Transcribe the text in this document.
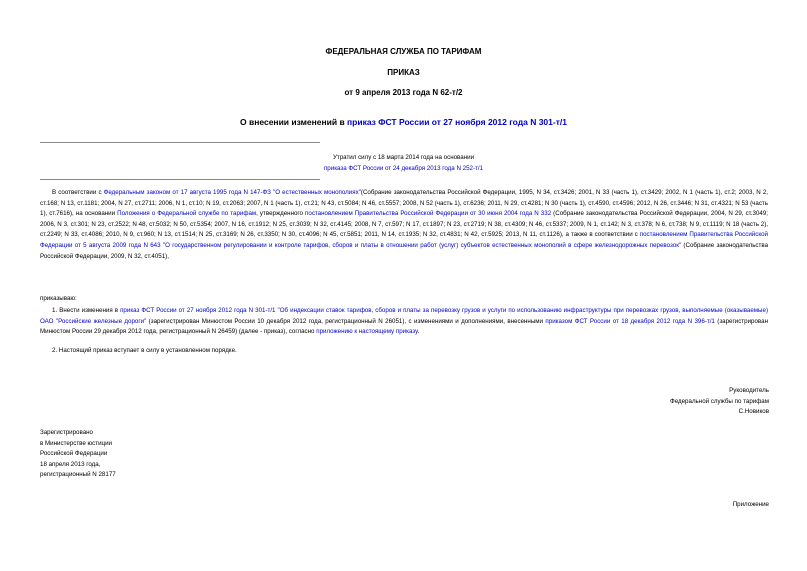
ФЕДЕРАЛЬНАЯ СЛУЖБА ПО ТАРИФАМ
ПРИКАЗ
от 9 апреля 2013 года N 62-т/2
О внесении изменений в приказ ФСТ России от 27 ноября 2012 года N 301-т/1
Утратил силу с 18 марта 2014 года на основании
приказа ФСТ России от 24 декабря 2013 года N 252-т/1
В соответствии с Федеральным законом от 17 августа 1995 года N 147-ФЗ "О естественных монополиях"(Собрание законодательства Российской Федерации, 1995, N 34, ст.3426; 2001, N 33 (часть 1), ст.3429; 2002, N 1 (часть 1), ст.2; 2003, N 2, ст.168; N 13, ст.1181; 2004, N 27, ст.2711; 2006, N 1, ст.10; N 19, ст.2063; 2007, N 1 (часть 1), ст.21; N 43, ст.5084; N 46, ст.5557; 2008, N 52 (часть 1), ст.6236; 2011, N 29, ст.4281; N 30 (часть 1), ст.4590, ст.4596; 2012, N 26, ст.3446; N 31, ст.4321; N 53 (часть 1), ст.7616), на основании Положения о Федеральной службе по тарифам, утвержденного постановлением Правительства Российской Федерации от 30 июня 2004 года N 332 (Собрание законодательства Российской Федерации, 2004, N 29, ст.3049; 2006, N 3, ст.301; N 23, ст.2522; N 48, ст.5032; N 50, ст.5354; 2007, N 16, ст.1912; N 25, ст.3039; N 32, ст.4145; 2008, N 7, ст.597; N 17, ст.1897; N 23, ст.2719; N 38, ст.4309; N 46, ст.5337; 2009, N 1, ст.142; N 3, ст.378; N 6, ст.738; N 9, ст.1119; N 18 (часть 2), ст.2249; N 33, ст.4086; 2010, N 9, ст.960; N 13, ст.1514; N 25, ст.3169; N 26, ст.3350; N 30, ст.4096; N 45, ст.5851; 2011, N 14, ст.1935; N 32, ст.4831; N 42, ст.5925; 2013, N 11, ст.1126), а также в соответствии с постановлением Правительства Российской Федерации от 5 августа 2009 года N 643 "О государственном регулировании и контроле тарифов, сборов и платы в отношении работ (услуг) субъектов естественных монополий в сфере железнодорожных перевозок" (Собрание законодательства Российской Федерации, 2009, N 32, ст.4051),
приказываю:
1. Внести изменения в приказ ФСТ России от 27 ноября 2012 года N 301-т/1 "Об индексации ставок тарифов, сборов и платы за перевозку грузов и услуги по использованию инфраструктуры при перевозках грузов, выполняемые (оказываемые) ОАО "Российские железные дороги" (зарегистрирован Минюстом России 10 декабря 2012 года, регистрационный N 26051), с изменениями и дополнениями, внесенными приказом ФСТ России от 18 декабря 2012 года N 396-т/1 (зарегистрирован Минюстом России 29 декабря 2012 года, регистрационный N 26459) (далее - приказ), согласно приложению к настоящему приказу.
2. Настоящий приказ вступает в силу в установленном порядке.
Руководитель
Федеральной службы по тарифам
С.Новиков
Зарегистрировано
в Министерстве юстиции
Российской Федерации
18 апреля 2013 года,
регистрационный N 28177
Приложение
